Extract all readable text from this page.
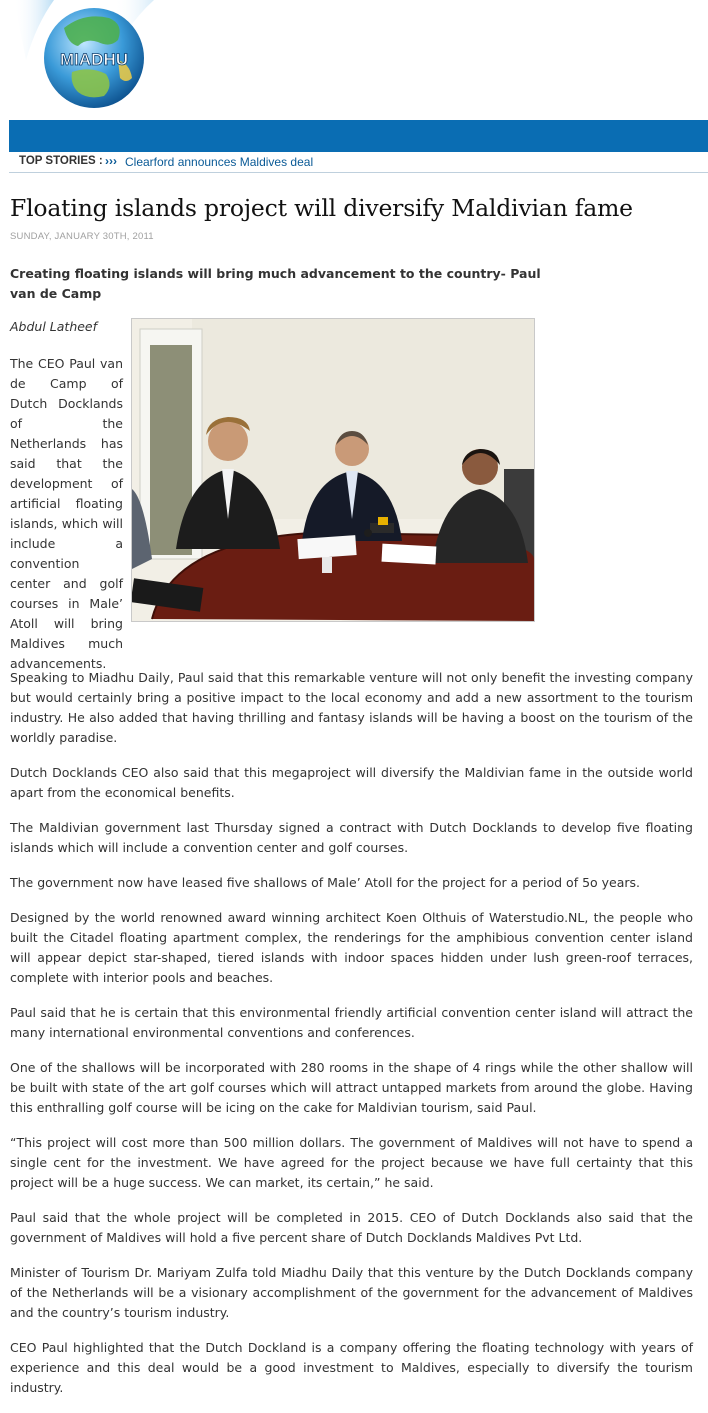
MIADHU
TOP STORIES : ››› Clearford announces Maldives deal
Floating islands project will diversify Maldivian fame
SUNDAY, JANUARY 30TH, 2011
Creating floating islands will bring much advancement to the country- Paul van de Camp
Abdul Latheef

The CEO Paul van de Camp of Dutch Docklands of the Netherlands has said that the development of artificial floating islands, which will include a convention center and golf courses in Male’ Atoll will bring Maldives much advancements.

Speaking to Miadhu Daily, Paul said that this remarkable venture will not only benefit the investing company but would certainly bring a positive impact to the local economy and add a new assortment to the tourism industry. He also added that having thrilling and fantasy islands will be having a boost on the tourism of the worldly paradise.

Dutch Docklands CEO also said that this megaproject will diversify the Maldivian fame in the outside world apart from the economical benefits.

The Maldivian government last Thursday signed a contract with Dutch Docklands to develop five floating islands which will include a convention center and golf courses.

The government now have leased five shallows of Male’ Atoll for the project for a period of 5o years.

Designed by the world renowned award winning architect Koen Olthuis of Waterstudio.NL, the people who built the Citadel floating apartment complex, the renderings for the amphibious convention center island will appear depict star-shaped, tiered islands with indoor spaces hidden under lush green-roof terraces, complete with interior pools and beaches.

Paul said that he is certain that this environmental friendly artificial convention center island will attract the many international environmental conventions and conferences.

One of the shallows will be incorporated with 280 rooms in the shape of 4 rings while the other shallow will be built with state of the art golf courses which will attract untapped markets from around the globe. Having this enthralling golf course will be icing on the cake for Maldivian tourism, said Paul.

“This project will cost more than 500 million dollars. The government of Maldives will not have to spend a single cent for the investment. We have agreed for the project because we have full certainty that this project will be a huge success. We can market, its certain,” he said.

Paul said that the whole project will be completed in 2015. CEO of Dutch Docklands also said that the government of Maldives will hold a five percent share of Dutch Docklands Maldives Pvt Ltd.

Minister of Tourism Dr. Mariyam Zulfa told Miadhu Daily that this venture by the Dutch Docklands company of the Netherlands will be a visionary accomplishment of the government for the advancement of Maldives and the country’s tourism industry.

CEO Paul highlighted that the Dutch Dockland is a company offering the floating technology with years of experience and this deal would be a good investment to Maldives, especially to diversify the tourism industry.
